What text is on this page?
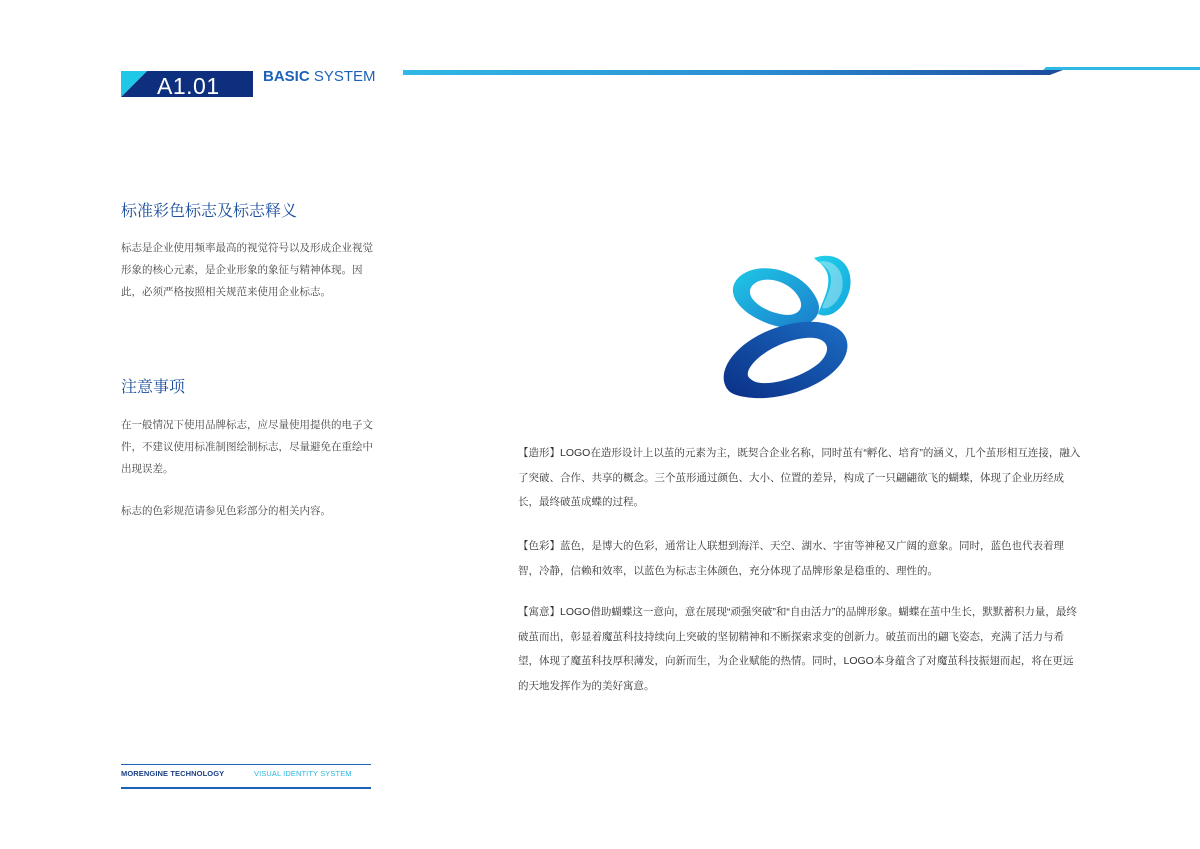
A1.01	BASIC SYSTEM
标准彩色标志及标志释义
标志是企业使用频率最高的视觉符号以及形成企业视觉形象的核心元素，是企业形象的象征与精神体现。因此，必须严格按照相关规范来使用企业标志。
注意事项
在一般情况下使用品牌标志，应尽量使用提供的电子文件，不建议使用标准制图绘制标志，尽量避免在重绘中出现误差。
标志的色彩规范请参见色彩部分的相关内容。
【造形】LOGO在造形设计上以茧的元素为主，既契合企业名称，同时茧有“孵化、培育”的涵义，几个茧形相互连接，融入了突破、合作、共享的概念。三个茧形通过颜色、大小、位置的差异，构成了一只翩翩欲飞的蝴蝶，体现了企业历经成长，最终破茧成蝶的过程。
【色彩】蓝色，是博大的色彩，通常让人联想到海洋、天空、湖水、宇宙等神秘又广阔的意象。同时，蓝色也代表着理智，冷静，信赖和效率，以蓝色为标志主体颜色，充分体现了品牌形象是稳重的、理性的。
【寓意】LOGO借助蝴蝶这一意向，意在展现“顽强突破”和“自由活力”的品牌形象。蝴蝶在茧中生长，默默蓄积力量，最终破茧而出，彰显着魔茧科技持续向上突破的坚韧精神和不断探索求变的创新力。破茧而出的翩飞姿态，充满了活力与希望，体现了魔茧科技厚积薄发，向新而生，为企业赋能的热情。同时，LOGO本身蕴含了对魔茧科技振翅而起，将在更远的天地发挥作为的美好寓意。
MORENGINE TECHNOLOGY	VISUAL IDENTITY SYSTEM
